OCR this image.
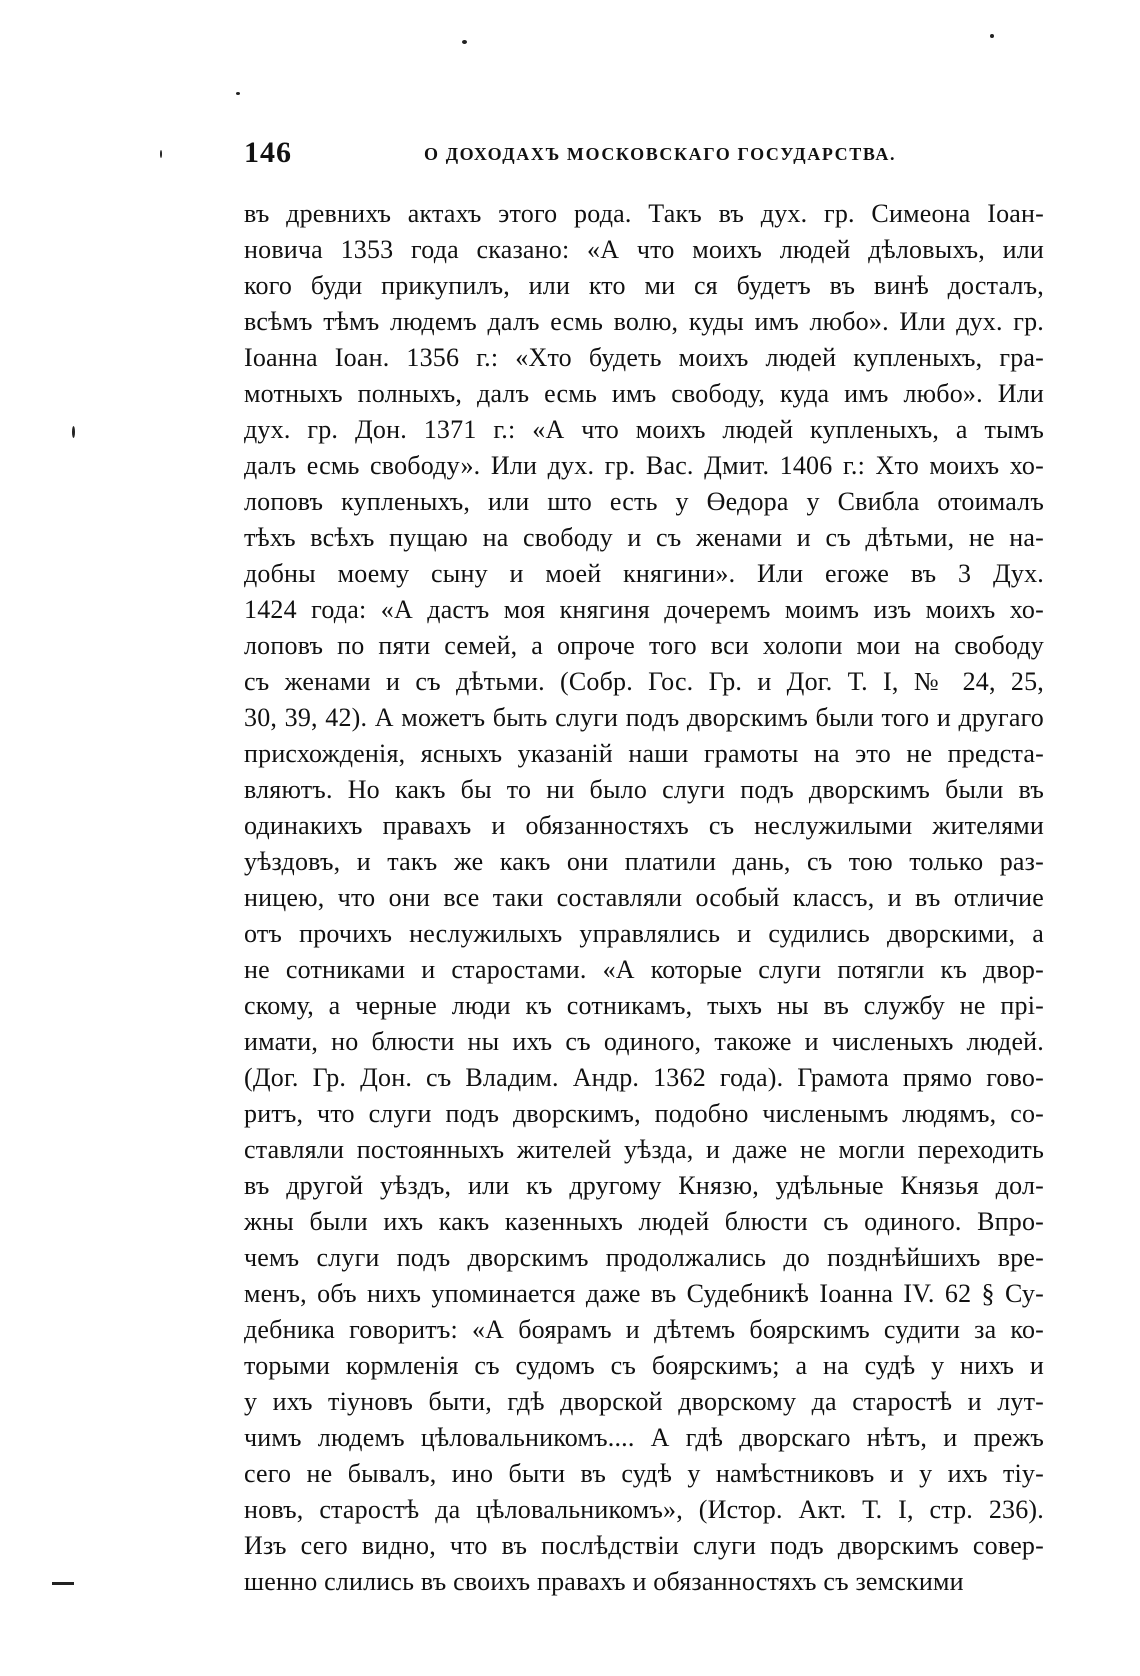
146	О ДОХОДАХЪ МОСКОВСКАГО ГОСУДАРСТВА.
въ древнихъ актахъ этого рода. Такъ въ дух. гр. Симеона Іоан-
новича 1353 года сказано: «А что моихъ людей дѣловыхъ, или
кого буди прикупилъ, или кто ми ся будетъ въ винѣ досталъ,
всѣмъ тѣмъ людемъ далъ есмь волю, куды имъ любо». Или дух. гр.
Іоанна Іоан. 1356 г.: «Хто будеть моихъ людей купленыхъ, гра-
мотныхъ полныхъ, далъ есмь имъ свободу, куда имъ любо». Или
дух. гр. Дон. 1371 г.: «А что моихъ людей купленыхъ, а тымъ
далъ есмь свободу». Или дух. гр. Вас. Дмит. 1406 г.: Хто моихъ хо-
лоповъ купленыхъ, или што есть у Өедора у Свибла отоималъ
тѣхъ всѣхъ пущаю на свободу и съ женами и съ дѣтьми, не на-
добны моему сыну и моей княгини». Или егоже въ 3 Дух.
1424 года: «А дастъ моя княгиня дочеремъ моимъ изъ моихъ хо-
лоповъ по пяти семей, а опроче того вси холопи мои на свободу
съ женами и съ дѣтьми. (Собр. Гос. Гр. и Дог. Т. I, № 24, 25,
30, 39, 42). А можетъ быть слуги подъ дворскимъ были того и другаго
присхожденія, ясныхъ указаній наши грамоты на это не предста-
вляютъ. Но какъ бы то ни было слуги подъ дворскимъ были въ
одинакихъ правахъ и обязанностяхъ съ неслужилыми жителями
уѣздовъ, и такъ же какъ они платили дань, съ тою только раз-
ницею, что они все таки составляли особый классъ, и въ отличие
отъ прочихъ неслужилыхъ управлялись и судились дворскими, а
не сотниками и старостами. «А которые слуги потягли къ двор-
скому, а черные люди къ сотникамъ, тыхъ ны въ службу не прі-
имати, но блюсти ны ихъ съ одиного, такоже и численыхъ людей.
(Дог. Гр. Дон. съ Владим. Андр. 1362 года). Грамота прямо гово-
ритъ, что слуги подъ дворскимъ, подобно численымъ людямъ, со-
ставляли постоянныхъ жителей уѣзда, и даже не могли переходить
въ другой уѣздъ, или къ другому Князю, удѣльные Князья дол-
жны были ихъ какъ казенныхъ людей блюсти съ одиного. Впро-
чемъ слуги подъ дворскимъ продолжались до позднѣйшихъ вре-
менъ, объ нихъ упоминается даже въ Судебникѣ Іоанна IV. 62 § Су-
дебника говоритъ: «А боярамъ и дѣтемъ боярскимъ судити за ко-
торыми кормленія съ судомъ съ боярскимъ; а на судѣ у нихъ и
у ихъ тіуновъ быти, гдѣ дворской дворскому да старостѣ и лут-
чимъ людемъ цѣловальникомъ.... А гдѣ дворскаго нѣтъ, и прежъ
сего не бывалъ, ино быти въ судѣ у намѣстниковъ и у ихъ тіу-
новъ, старостѣ да цѣловальникомъ», (Истор. Акт. Т. I, стр. 236).
Изъ сего видно, что въ послѣдствіи слуги подъ дворскимъ совер-
шенно слились въ своихъ правахъ и обязанностяхъ съ земскими
